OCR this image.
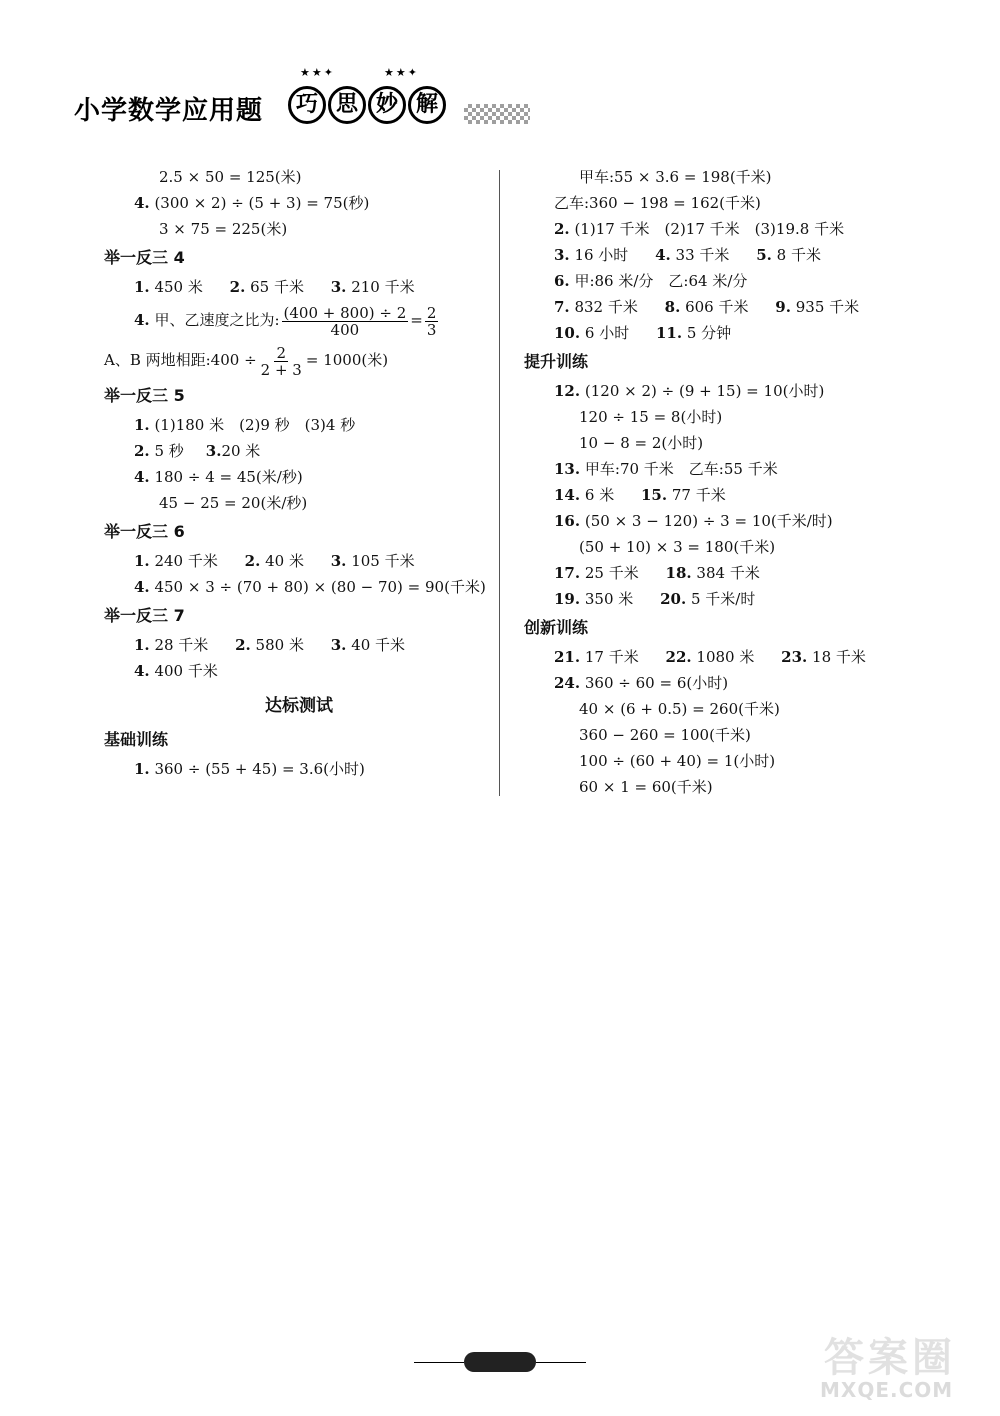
★★✦	★★✦
小学数学应用题	巧 思 妙 解
2.5 × 50 = 125(米)
4. (300 × 2) ÷ (5 + 3) = 75(秒)
3 × 75 = 225(米)
举一反三 4
1. 450 米 2. 65 千米 3. 210 千米
4. 甲、乙速度之比为: $\frac{(400 + 800) \div 2}{400} = \frac{2}{3}$
A、B 两地相距:400 ÷ $\frac{2}{2 + 3} = 1000$(米)
举一反三 5
1. (1)180 米　(2)9 秒　(3)4 秒
2. 5 秒 3.20 米
4. 180 ÷ 4 = 45(米/秒)
45 − 25 = 20(米/秒)
举一反三 6
1. 240 千米 2. 40 米 3. 105 千米
4. 450 × 3 ÷ (70 + 80) × (80 − 70) = 90(千米)
举一反三 7
1. 28 千米 2. 580 米 3. 40 千米
4. 400 千米
达标测试
基础训练
1. 360 ÷ (55 + 45) = 3.6(小时)
甲车:55 × 3.6 = 198(千米)
乙车:360 − 198 = 162(千米)
2. (1)17 千米　(2)17 千米　(3)19.8 千米
3. 16 小时 4. 33 千米 5. 8 千米
6. 甲:86 米/分　乙:64 米/分
7. 832 千米 8. 606 千米 9. 935 千米
10. 6 小时 11. 5 分钟
提升训练
12. (120 × 2) ÷ (9 + 15) = 10(小时)
120 ÷ 15 = 8(小时)
10 − 8 = 2(小时)
13. 甲车:70 千米　乙车:55 千米
14. 6 米 15. 77 千米
16. (50 × 3 − 120) ÷ 3 = 10(千米/时)
(50 + 10) × 3 = 180(千米)
17. 25 千米 18. 384 千米
19. 350 米 20. 5 千米/时
创新训练
21. 17 千米 22. 1080 米 23. 18 千米
24. 360 ÷ 60 = 6(小时)
40 × (6 + 0.5) = 260(千米)
360 − 260 = 100(千米)
100 ÷ (60 + 40) = 1(小时)
60 × 1 = 60(千米)
答案圈
MXQE.COM
